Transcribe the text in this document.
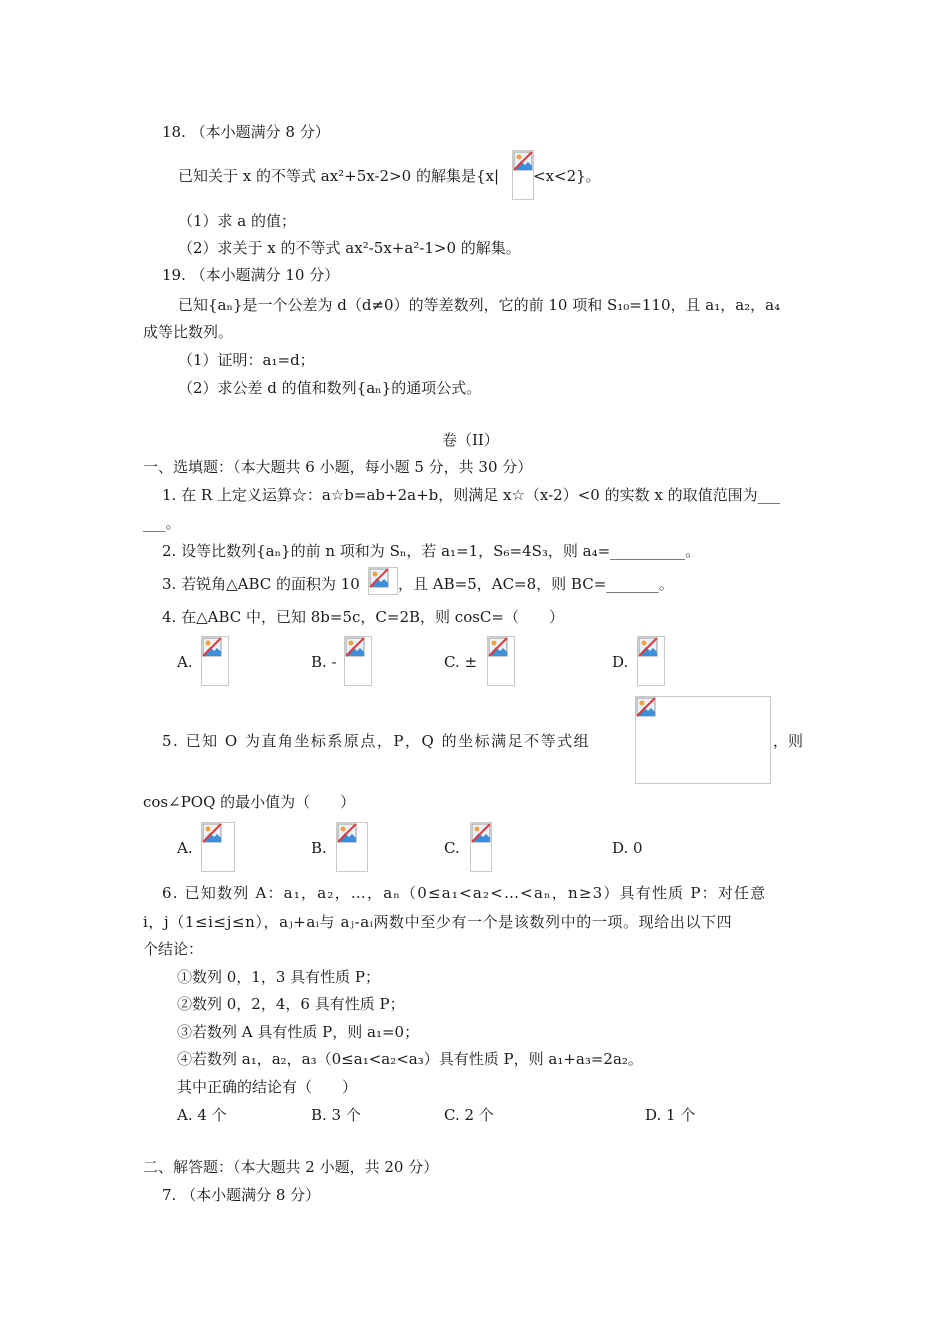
18. （本小题满分 8 分）
已知关于 x 的不等式 ax²+5x-2>0 的解集是{x| <x<2}。
（1）求 a 的值；
（2）求关于 x 的不等式 ax²-5x+a²-1>0 的解集。
19. （本小题满分 10 分）
已知{aₙ}是一个公差为 d（d≠0）的等差数列，它的前 10 项和 S₁₀=110，且 a₁，a₂，a₄
成等比数列。
（1）证明：a₁=d；
（2）求公差 d 的值和数列{aₙ}的通项公式。
卷（II）
一、选填题：（本大题共 6 小题，每小题 5 分，共 30 分）
1. 在 R 上定义运算☆：a☆b=ab+2a+b，则满足 x☆（x-2）<0 的实数 x 的取值范围为___
___。
2. 设等比数列{aₙ}的前 n 项和为 Sₙ，若 a₁=1，S₆=4S₃，则 a₄=__________。
3. 若锐角△ABC 的面积为 10	，且 AB=5，AC=8，则 BC=_______。
4. 在△ABC 中，已知 8b=5c，C=2B，则 cosC=（　　）
A.	B. -	C. ±	D.
5. 已知 O 为直角坐标系原点，P，Q 的坐标满足不等式组	，则
cos∠POQ 的最小值为（　　）
A.	B.	C.	D. 0
6. 已知数列 A：a₁，a₂，…，aₙ（0≤a₁<a₂<…<aₙ，n≥3）具有性质 P：对任意
i，j（1≤i≤j≤n），aⱼ+aᵢ与 aⱼ-aᵢ两数中至少有一个是该数列中的一项。现给出以下四
个结论：
①数列 0，1，3 具有性质 P；
②数列 0，2，4，6 具有性质 P；
③若数列 A 具有性质 P，则 a₁=0；
④若数列 a₁，a₂，a₃（0≤a₁<a₂<a₃）具有性质 P，则 a₁+a₃=2a₂。
其中正确的结论有（　　）
A. 4 个	B. 3 个	C. 2 个	D. 1 个
二、解答题：（本大题共 2 小题，共 20 分）
7. （本小题满分 8 分）
